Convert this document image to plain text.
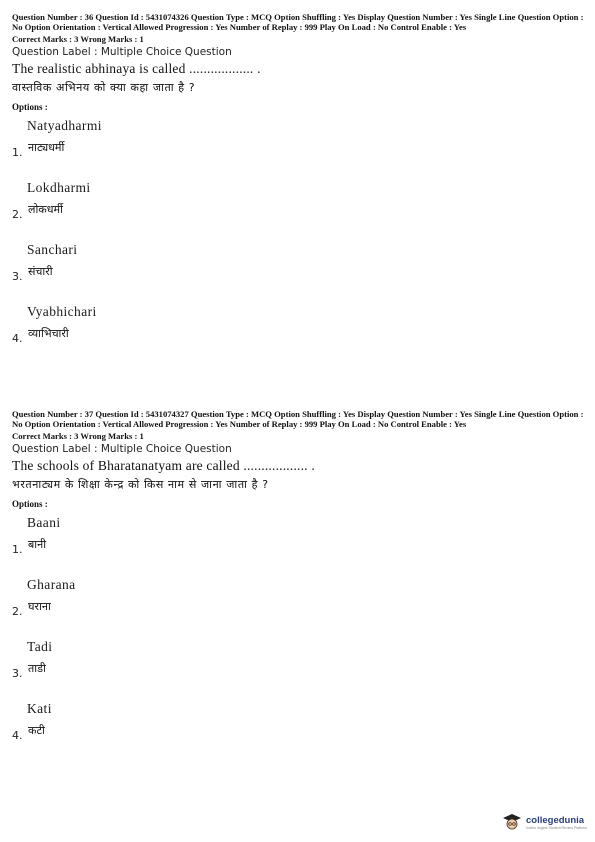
Question Number : 36 Question Id : 5431074326 Question Type : MCQ Option Shuffling : Yes Display Question Number : Yes Single Line Question Option : No Option Orientation : Vertical Allowed Progression : Yes Number of Replay : 999 Play On Load : No Control Enable : Yes

Correct Marks : 3 Wrong Marks : 1
Question Label : Multiple Choice Question
The realistic abhinaya is called .................. .
वास्तविक अभिनय को क्या कहा जाता है ?
Options :
Natyadharmi
1. नाट्यधर्मी
Lokdharmi
2. लोकधर्मी
Sanchari
3. संचारी
Vyabhichari
4. व्याभिचारी

Question Number : 37 Question Id : 5431074327 Question Type : MCQ Option Shuffling : Yes Display Question Number : Yes Single Line Question Option : No Option Orientation : Vertical Allowed Progression : Yes Number of Replay : 999 Play On Load : No Control Enable : Yes

Correct Marks : 3 Wrong Marks : 1
Question Label : Multiple Choice Question
The schools of Bharatanatyam are called .................. .
भरतनाट्यम के शिक्षा केन्द्र को किस नाम से जाना जाता है ?
Options :
Baani
1. बानी
Gharana
2. घराना
Tadi
3. ताडी
Kati
4. कटी
collegedunia
India's largest Student Review Platform
